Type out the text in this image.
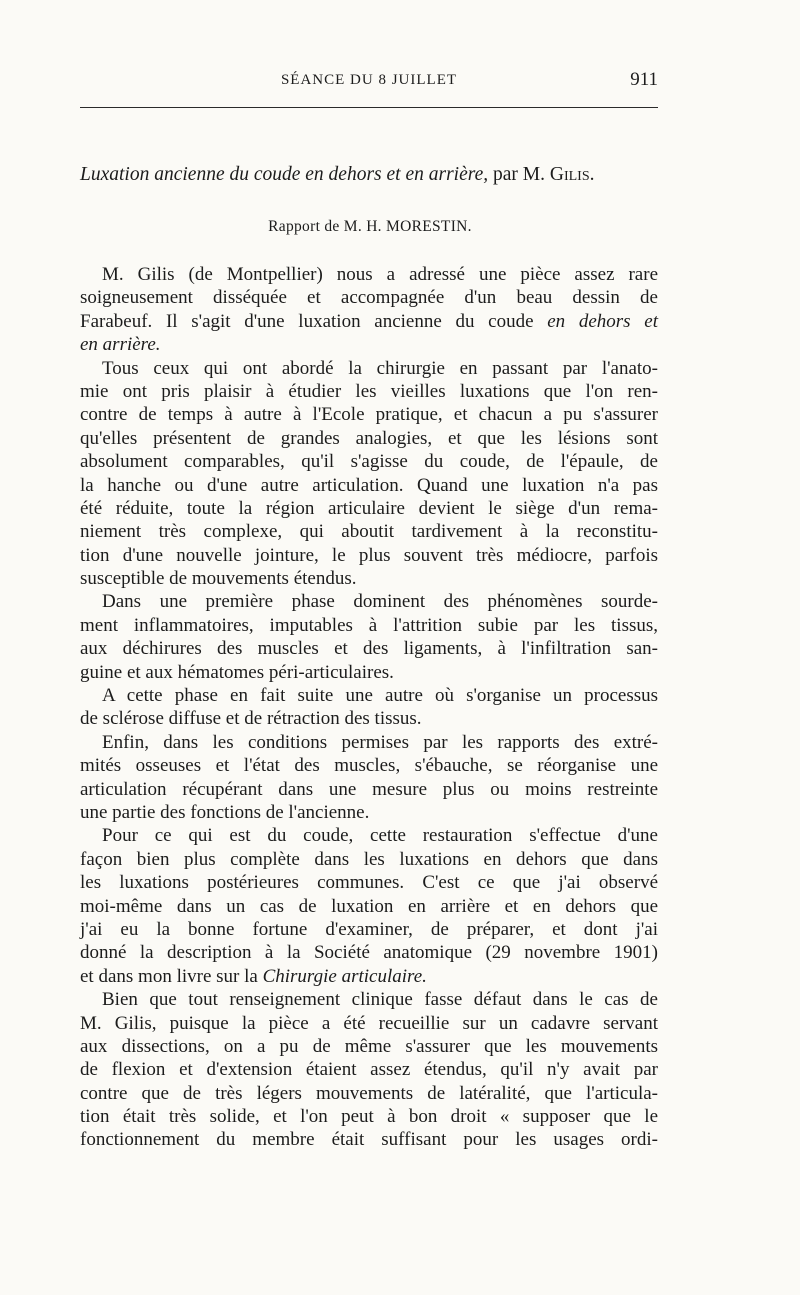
SÉANCE DU 8 JUILLET	911
Luxation ancienne du coude en dehors et en arrière, par M. Gilis.
Rapport de M. H. MORESTIN.
M. Gilis (de Montpellier) nous a adressé une pièce assez rare
soigneusement disséquée et accompagnée d'un beau dessin de
Farabeuf. Il s'agit d'une luxation ancienne du coude en dehors et
en arrière.
Tous ceux qui ont abordé la chirurgie en passant par l'anato-
mie ont pris plaisir à étudier les vieilles luxations que l'on ren-
contre de temps à autre à l'Ecole pratique, et chacun a pu s'assurer
qu'elles présentent de grandes analogies, et que les lésions sont
absolument comparables, qu'il s'agisse du coude, de l'épaule, de
la hanche ou d'une autre articulation. Quand une luxation n'a pas
été réduite, toute la région articulaire devient le siège d'un rema-
niement très complexe, qui aboutit tardivement à la reconstitu-
tion d'une nouvelle jointure, le plus souvent très médiocre, parfois
susceptible de mouvements étendus.
Dans une première phase dominent des phénomènes sourde-
ment inflammatoires, imputables à l'attrition subie par les tissus,
aux déchirures des muscles et des ligaments, à l'infiltration san-
guine et aux hématomes péri-articulaires.
A cette phase en fait suite une autre où s'organise un processus
de sclérose diffuse et de rétraction des tissus.
Enfin, dans les conditions permises par les rapports des extré-
mités osseuses et l'état des muscles, s'ébauche, se réorganise une
articulation récupérant dans une mesure plus ou moins restreinte
une partie des fonctions de l'ancienne.
Pour ce qui est du coude, cette restauration s'effectue d'une
façon bien plus complète dans les luxations en dehors que dans
les luxations postérieures communes. C'est ce que j'ai observé
moi-même dans un cas de luxation en arrière et en dehors que
j'ai eu la bonne fortune d'examiner, de préparer, et dont j'ai
donné la description à la Société anatomique (29 novembre 1901)
et dans mon livre sur la Chirurgie articulaire.
Bien que tout renseignement clinique fasse défaut dans le cas de
M. Gilis, puisque la pièce a été recueillie sur un cadavre servant
aux dissections, on a pu de même s'assurer que les mouvements
de flexion et d'extension étaient assez étendus, qu'il n'y avait par
contre que de très légers mouvements de latéralité, que l'articula-
tion était très solide, et l'on peut à bon droit « supposer que le
fonctionnement du membre était suffisant pour les usages ordi-
